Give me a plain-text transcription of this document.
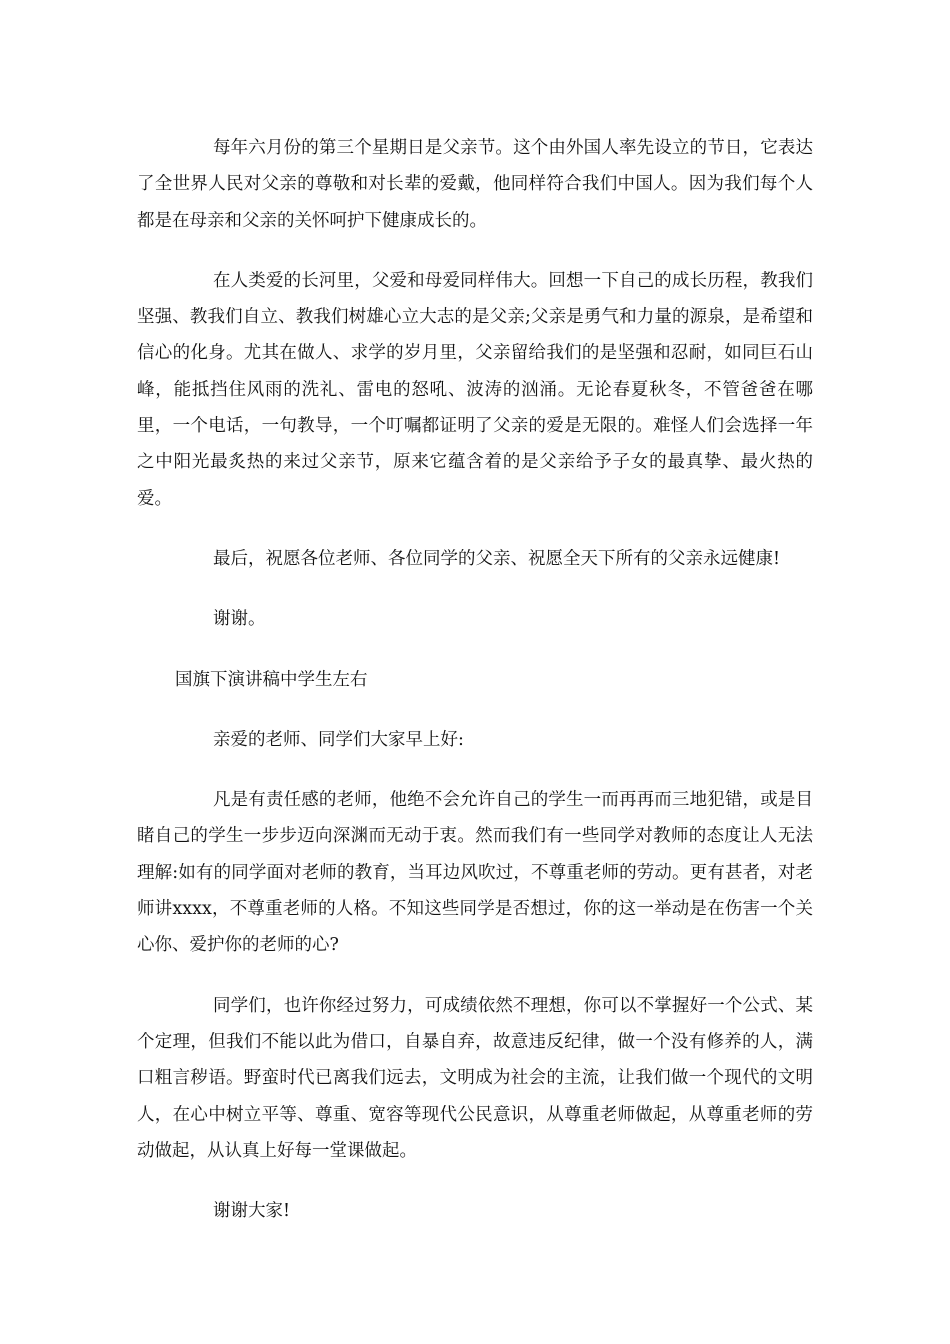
每年六月份的第三个星期日是父亲节。这个由外国人率先设立的节日，它表达了全世界人民对父亲的尊敬和对长辈的爱戴，他同样符合我们中国人。因为我们每个人都是在母亲和父亲的关怀呵护下健康成长的。

在人类爱的长河里，父爱和母爱同样伟大。回想一下自己的成长历程，教我们坚强、教我们自立、教我们树雄心立大志的是父亲;父亲是勇气和力量的源泉，是希望和信心的化身。尤其在做人、求学的岁月里，父亲留给我们的是坚强和忍耐，如同巨石山峰，能抵挡住风雨的洗礼、雷电的怒吼、波涛的汹涌。无论春夏秋冬，不管爸爸在哪里，一个电话，一句教导，一个叮嘱都证明了父亲的爱是无限的。难怪人们会选择一年之中阳光最炙热的来过父亲节，原来它蕴含着的是父亲给予子女的最真挚、最火热的爱。

最后，祝愿各位老师、各位同学的父亲、祝愿全天下所有的父亲永远健康!

谢谢。

国旗下演讲稿中学生左右

亲爱的老师、同学们大家早上好:

凡是有责任感的老师，他绝不会允许自己的学生一而再再而三地犯错，或是目睹自己的学生一步步迈向深渊而无动于衷。然而我们有一些同学对教师的态度让人无法理解:如有的同学面对老师的教育，当耳边风吹过，不尊重老师的劳动。更有甚者，对老师讲xxxx，不尊重老师的人格。不知这些同学是否想过，你的这一举动是在伤害一个关心你、爱护你的老师的心?

同学们，也许你经过努力，可成绩依然不理想，你可以不掌握好一个公式、某个定理，但我们不能以此为借口，自暴自弃，故意违反纪律，做一个没有修养的人，满口粗言秽语。野蛮时代已离我们远去，文明成为社会的主流，让我们做一个现代的文明人，在心中树立平等、尊重、宽容等现代公民意识，从尊重老师做起，从尊重老师的劳动做起，从认真上好每一堂课做起。

谢谢大家!
